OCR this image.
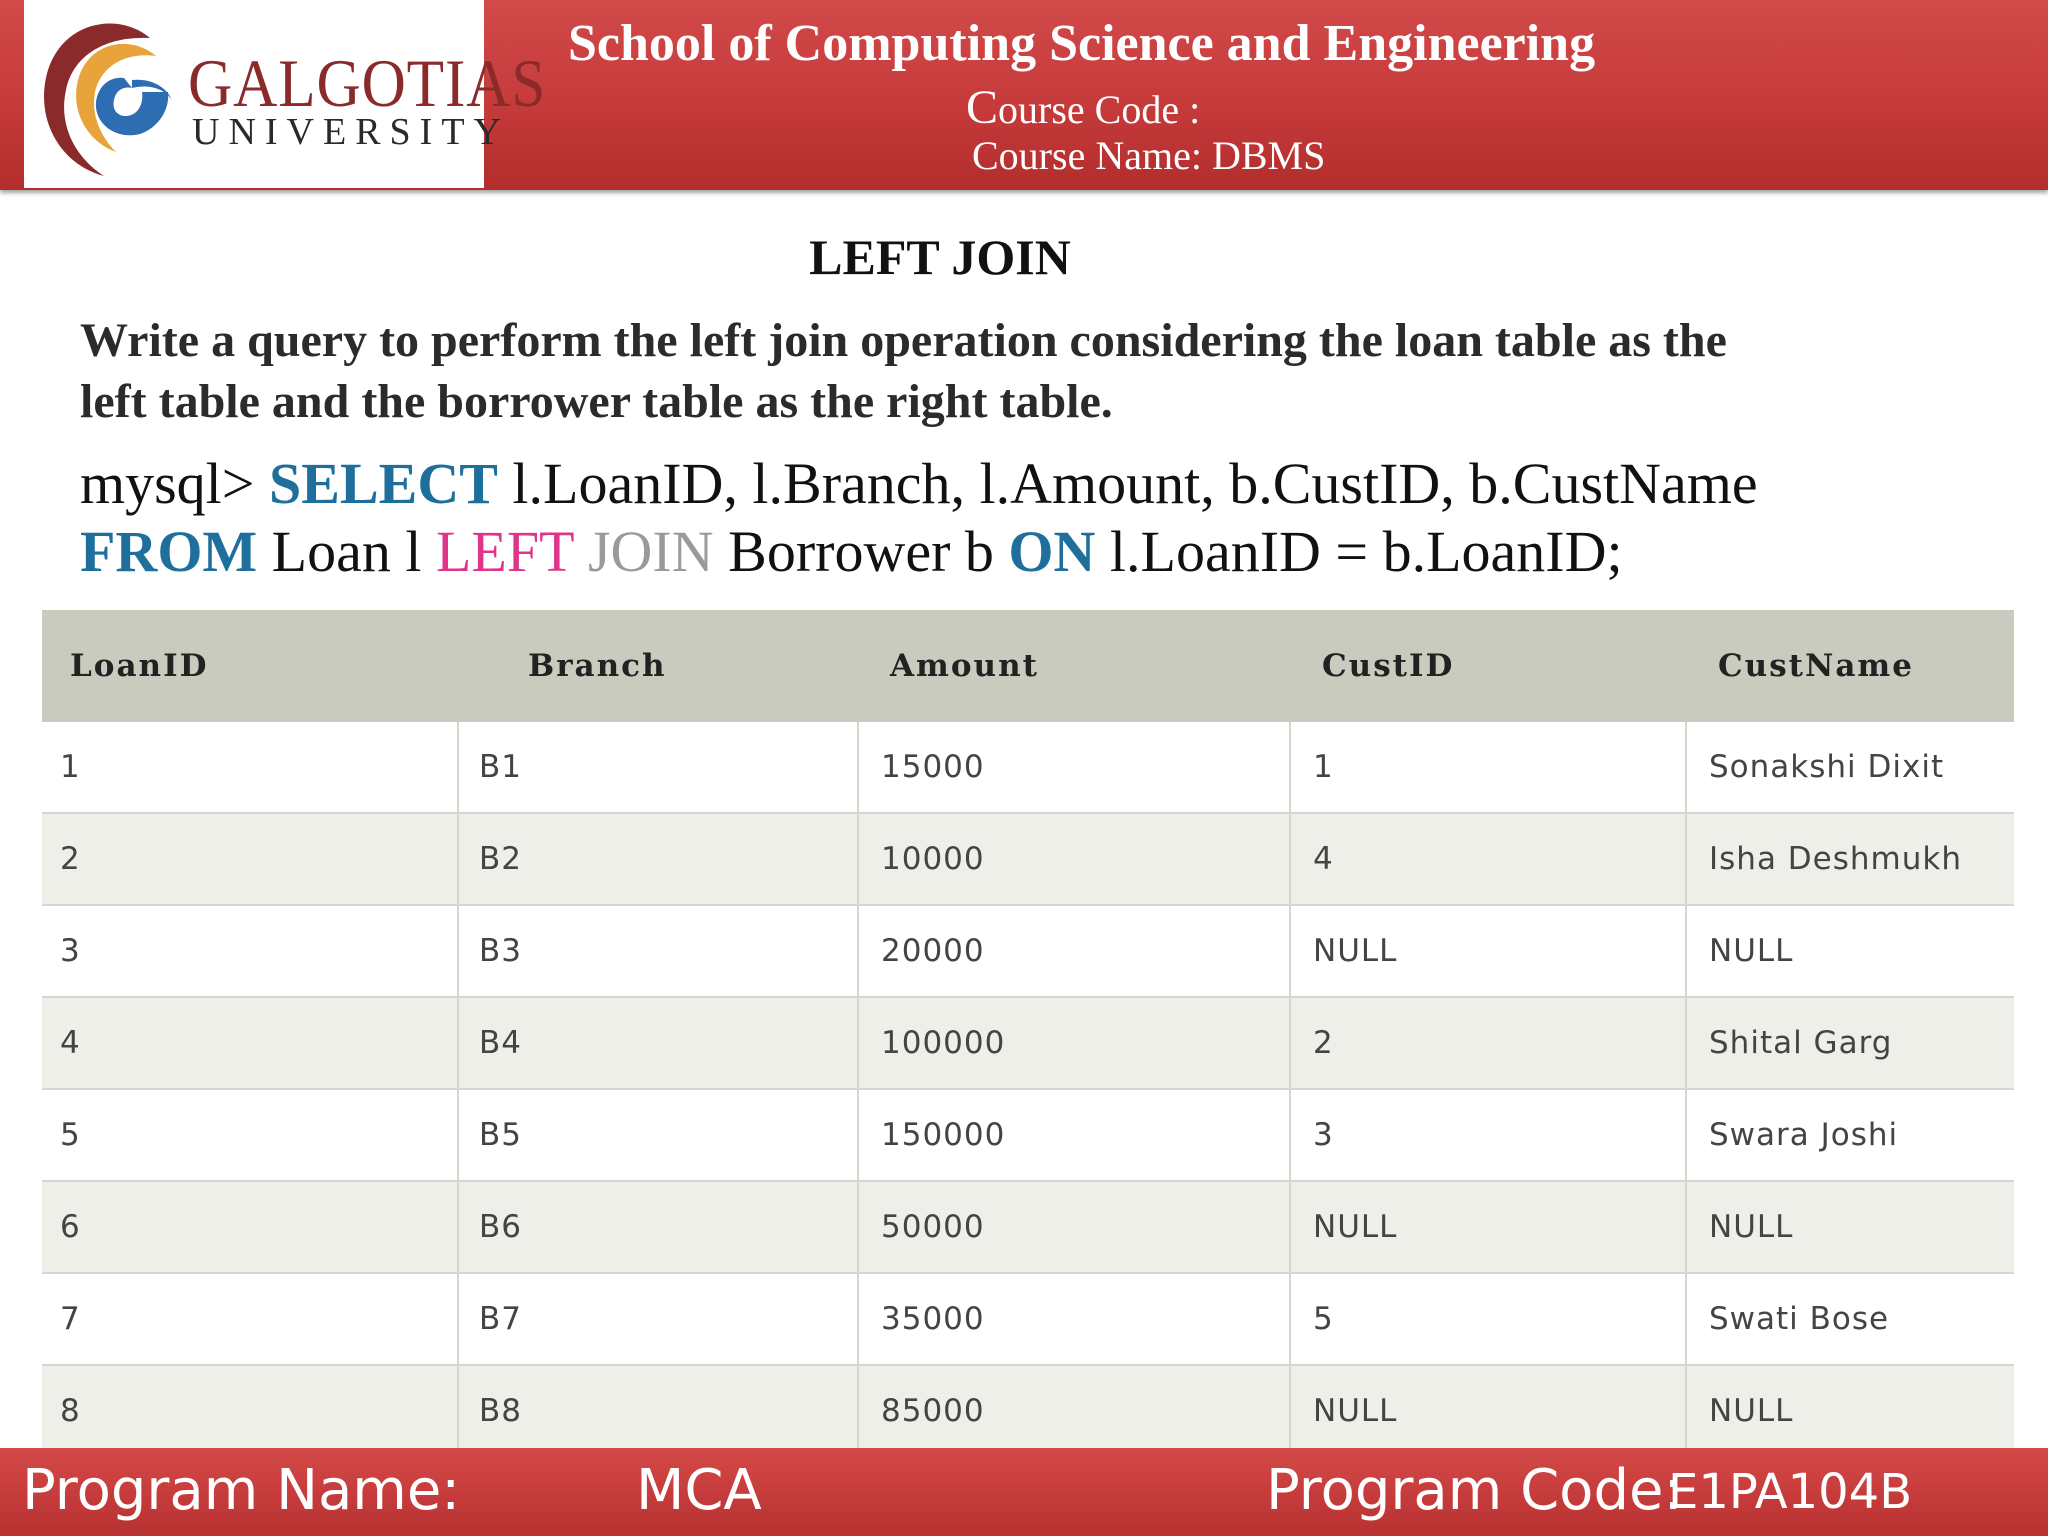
GALGOTIAS
UNIVERSITY
School of Computing Science and Engineering
Course Code :
Course Name: DBMS
LEFT JOIN
Write a query to perform the left join operation considering the loan table as the
left table and the borrower table as the right table.
mysql> SELECT l.LoanID, l.Branch, l.Amount, b.CustID, b.CustName
FROM Loan l LEFT JOIN Borrower b ON l.LoanID = b.LoanID;
LoanID	Branch	Amount	CustID	CustName
1	B1	15000	1	Sonakshi Dixit
2	B2	10000	4	Isha Deshmukh
3	B3	20000	NULL	NULL
4	B4	100000	2	Shital Garg
5	B5	150000	3	Swara Joshi
6	B6	50000	NULL	NULL
7	B7	35000	5	Swati Bose
8	B8	85000	NULL	NULL
Program Name:	MCA	Program Code:
E1PA104B
